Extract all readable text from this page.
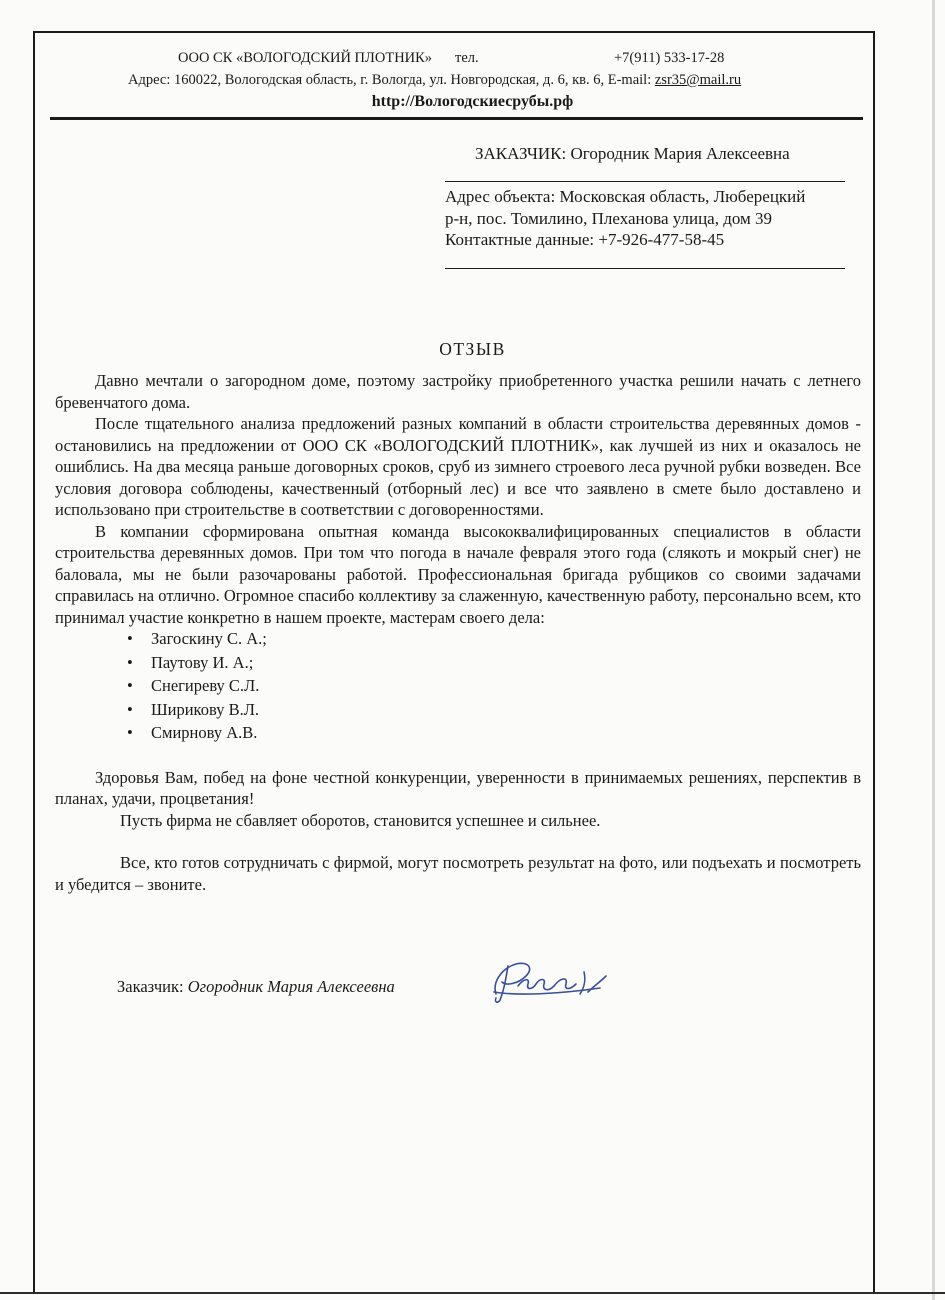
ООО СК «ВОЛОГОДСКИЙ ПЛОТНИК» тел.	+7(911) 533-17-28
Адрес: 160022, Вологодская область, г. Вологда, ул. Новгородская, д. 6, кв. 6, E-mail: zsr35@mail.ru
http://Вологодскиесрубы.рф
ЗАКАЗЧИК: Огородник Мария Алексеевна
Адрес объекта: Московская область, Люберецкий
р-н, пос. Томилино, Плеханова улица, дом 39
Контактные данные: +7-926-477-58-45
ОТЗЫВ

Давно мечтали о загородном доме, поэтому застройку приобретенного участка решили начать с летнего бревенчатого дома.

После тщательного анализа предложений разных компаний в области строительства деревянных домов - остановились на предложении от ООО СК «ВОЛОГОДСКИЙ ПЛОТНИК», как лучшей из них и оказалось не ошиблись. На два месяца раньше договорных сроков, сруб из зимнего строевого леса ручной рубки возведен. Все условия договора соблюдены, качественный (отборный лес) и все что заявлено в смете было доставлено и использовано при строительстве в соответствии с договоренностями.

В компании сформирована опытная команда высококвалифицированных специалистов в области строительства деревянных домов. При том что погода в начале февраля этого года (слякоть и мокрый снег) не баловала, мы не были разочарованы работой. Профессиональная бригада рубщиков со своими задачами справилась на отлично. Огромное спасибо коллективу за слаженную, качественную работу, персонально всем, кто принимал участие конкретно в нашем проекте, мастерам своего дела:

• Загоскину С. А.;
• Паутову И. А.;
• Снегиреву С.Л.
• Ширикову В.Л.
• Смирнову А.В.

Здоровья Вам, побед на фоне честной конкуренции, уверенности в принимаемых решениях, перспектив в планах, удачи, процветания!

Пусть фирма не сбавляет оборотов, становится успешнее и сильнее.

Все, кто готов сотрудничать с фирмой, могут посмотреть результат на фото, или подъехать и посмотреть и убедится – звоните.

Заказчик: Огородник Мария Алексеевна
